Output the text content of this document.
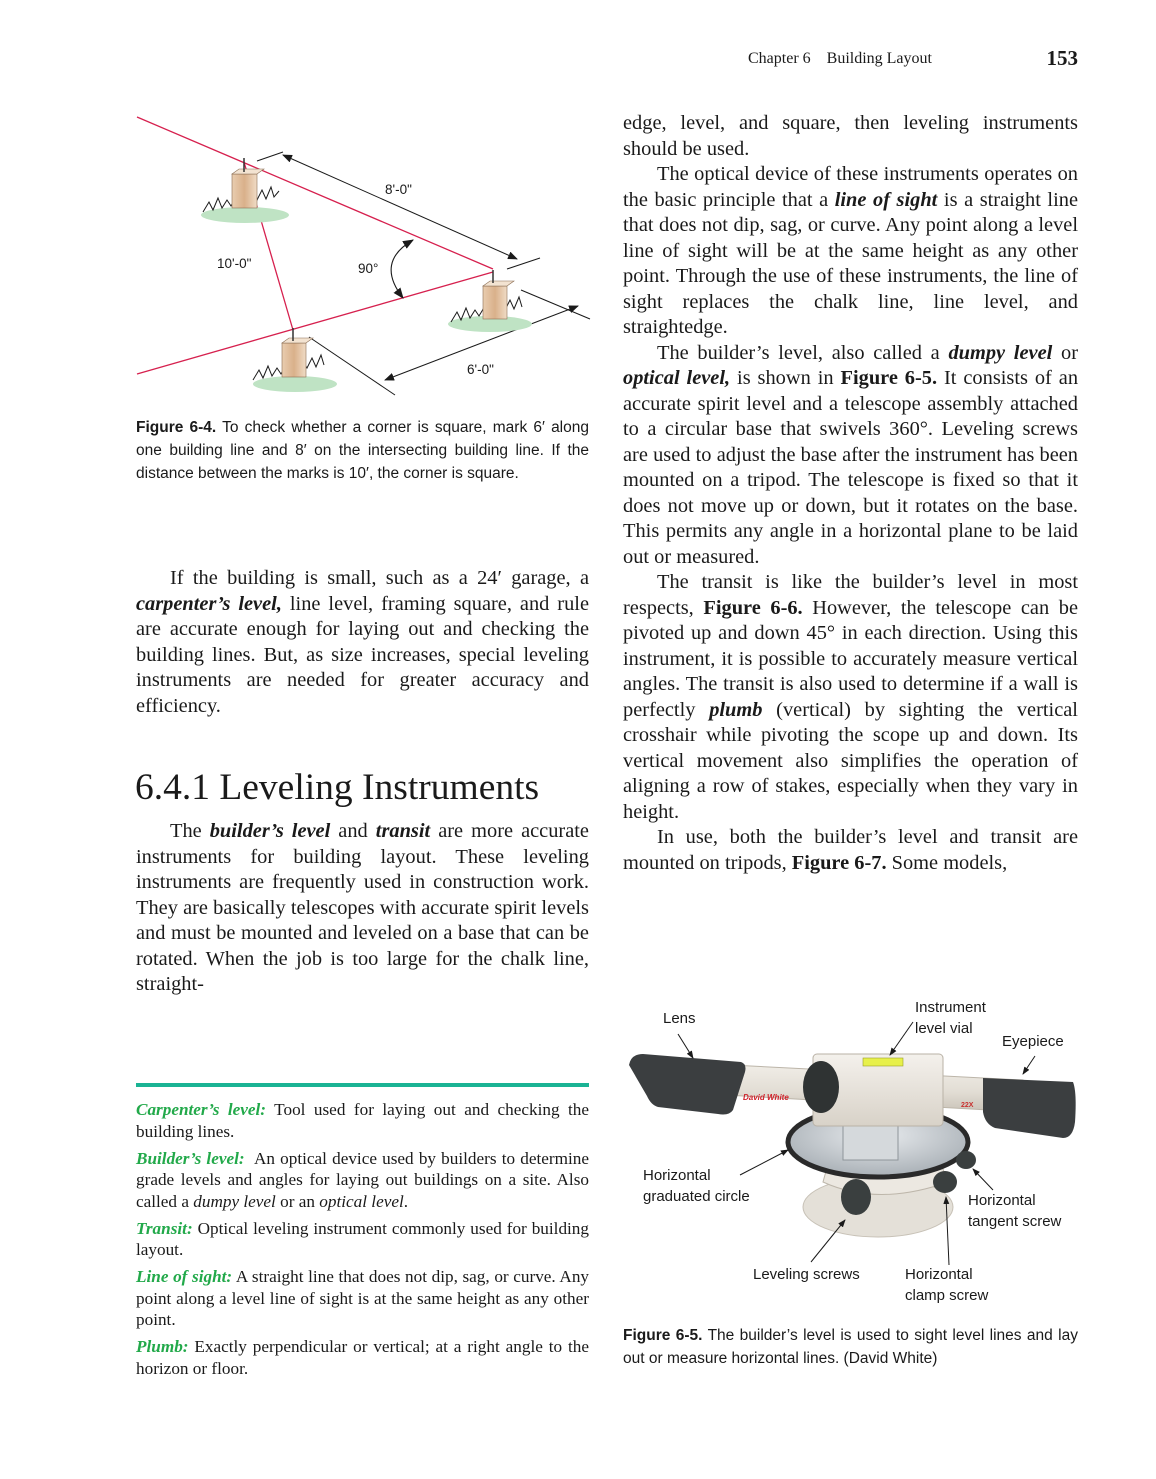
Chapter 6    Building Layout	153
8'-0"
10'-0"	90°
6'-0"
Figure 6-4. To check whether a corner is square, mark 6′ along one building line and 8′ on the intersecting building line. If the distance between the marks is 10′, the corner is square.

If the building is small, such as a 24′ garage, a carpenter’s level, line level, framing square, and rule are accurate enough for laying out and checking the building lines. But, as size increases, special leveling instruments are needed for greater accuracy and efficiency.

6.4.1 Leveling Instruments

The builder’s level and transit are more accurate instruments for building layout. These leveling instruments are frequently used in construction work. They are basically telescopes with accurate spirit levels and must be mounted and leveled on a base that can be rotated. When the job is too large for the chalk line, straight-

edge, level, and square, then leveling instruments should be used.

The optical device of these instruments operates on the basic principle that a line of sight is a straight line that does not dip, sag, or curve. Any point along a level line of sight will be at the same height as any other point. Through the use of these instruments, the line of sight replaces the chalk line, line level, and straightedge.

The builder’s level, also called a dumpy level or optical level, is shown in Figure 6-5. It consists of an accurate spirit level and a telescope assembly attached to a circular base that swivels 360°. Leveling screws are used to adjust the base after the instrument has been mounted on a tripod. The telescope is fixed so that it does not move up or down, but it rotates on the base. This permits any angle in a horizontal plane to be laid out or measured.

The transit is like the builder’s level in most respects, Figure 6-6. However, the telescope can be pivoted up and down 45° in each direction. Using this instrument, it is possible to accurately measure vertical angles. The transit is also used to determine if a wall is perfectly plumb (vertical) by sighting the vertical crosshair while pivoting the scope up and down. Its vertical movement also simplifies the operation of aligning a row of stakes, especially when they vary in height.

In use, both the builder’s level and transit are mounted on tripods, Figure 6-7. Some models,

Carpenter’s level: Tool used for laying out and checking the building lines.
Builder’s level:  An optical device used by builders to determine grade levels and angles for laying out buildings on a site. Also called a dumpy level or an optical level.
Transit: Optical leveling instrument commonly used for building layout.
Line of sight: A straight line that does not dip, sag, or curve. Any point along a level line of sight is at the same height as any other point.
Plumb: Exactly perpendicular or vertical; at a right angle to the horizon or floor.
David White
22X
Lens
Instrument
level vial
Eyepiece
Horizontal
graduated circle	Horizontal
tangent screw
Leveling screws	Horizontal
clamp screw
Figure 6-5. The builder’s level is used to sight level lines and lay out or measure horizontal lines. (David White)
